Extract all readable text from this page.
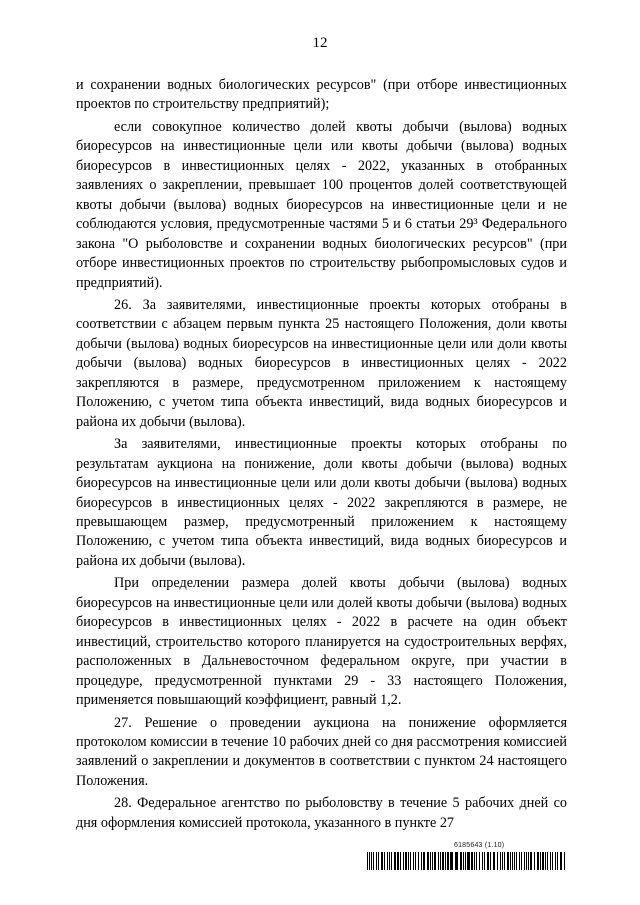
12

и сохранении водных биологических ресурсов" (при отборе инвестиционных проектов по строительству предприятий);

если совокупное количество долей квоты добычи (вылова) водных биоресурсов на инвестиционные цели или квоты добычи (вылова) водных биоресурсов в инвестиционных целях - 2022, указанных в отобранных заявлениях о закреплении, превышает 100 процентов долей соответствующей квоты добычи (вылова) водных биоресурсов на инвестиционные цели и не соблюдаются условия, предусмотренные частями 5 и 6 статьи 29³ Федерального закона "О рыболовстве и сохранении водных биологических ресурсов" (при отборе инвестиционных проектов по строительству рыбопромысловых судов и предприятий).

26. За заявителями, инвестиционные проекты которых отобраны в соответствии с абзацем первым пункта 25 настоящего Положения, доли квоты добычи (вылова) водных биоресурсов на инвестиционные цели или доли квоты добычи (вылова) водных биоресурсов в инвестиционных целях - 2022 закрепляются в размере, предусмотренном приложением к настоящему Положению, с учетом типа объекта инвестиций, вида водных биоресурсов и района их добычи (вылова).

За заявителями, инвестиционные проекты которых отобраны по результатам аукциона на понижение, доли квоты добычи (вылова) водных биоресурсов на инвестиционные цели или доли квоты добычи (вылова) водных биоресурсов в инвестиционных целях - 2022 закрепляются в размере, не превышающем размер, предусмотренный приложением к настоящему Положению, с учетом типа объекта инвестиций, вида водных биоресурсов и района их добычи (вылова).

При определении размера долей квоты добычи (вылова) водных биоресурсов на инвестиционные цели или долей квоты добычи (вылова) водных биоресурсов в инвестиционных целях - 2022 в расчете на один объект инвестиций, строительство которого планируется на судостроительных верфях, расположенных в Дальневосточном федеральном округе, при участии в процедуре, предусмотренной пунктами 29 - 33 настоящего Положения, применяется повышающий коэффициент, равный 1,2.

27. Решение о проведении аукциона на понижение оформляется протоколом комиссии в течение 10 рабочих дней со дня рассмотрения комиссией заявлений о закреплении и документов в соответствии с пунктом 24 настоящего Положения.

28. Федеральное агентство по рыболовству в течение 5 рабочих дней со дня оформления комиссией протокола, указанного в пункте 27

6185643 (1.10)
